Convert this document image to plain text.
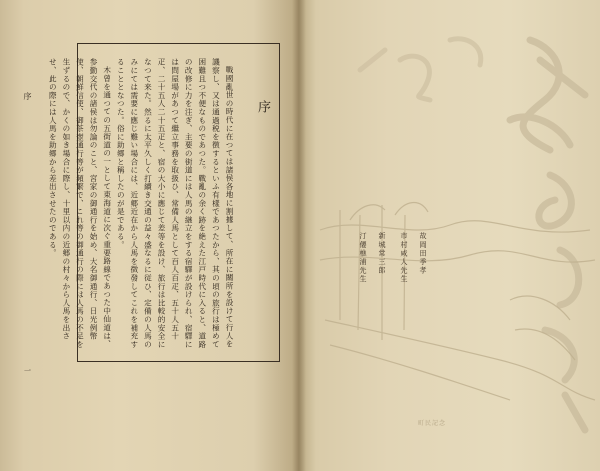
序
一
序

戰國亂世の時代に在つては諸侯各地に割據して、所在に關所を設けて行人を譏察し、又は通過税を徴するといふ有樣であつたから、其の頃の旅行は極めて困難且つ不便なものであつた。戰亂の余く跡を絶えた江戸時代に入ると、道路の改修に力を注ぎ、主要の街道には人馬の継立をする宿驛が設けられ、宿驛には問屋場があつて繼立事務を取扱ひ、常備人馬として百人百疋、五十人五十疋、二十五人二十五疋と、宿の大小に應じて差等を設け、旅行は比較的安全になつて来た。然るに太平久しく打續き交通の益々盛なるに従ひ、定備の人馬のみにては需要に應じ難い場合には、近郷近在から人馬を徴發してこれを補充することとなつた。俗に助郷と稱したのが是である。

木曾を通つての五街道の一として東海道に次ぐ重要路線であつた中仙道は、参勤交代の諸侯は勿論のこと、宮家の御通行を始め、大名御通行、日光例幣使、朝鮮信使、御茶壺通行等が頻繁で、これ等の御通行の際には人馬の不足を生ずるので、かくの如き場合に際し、十里以内の近郷の村々から人馬を出させ、此の際には人馬を助郷から差出させたのである。	故岡田季孝
市村咸人先生
新城常三郎
汀僊樵浦先生
町民記念
